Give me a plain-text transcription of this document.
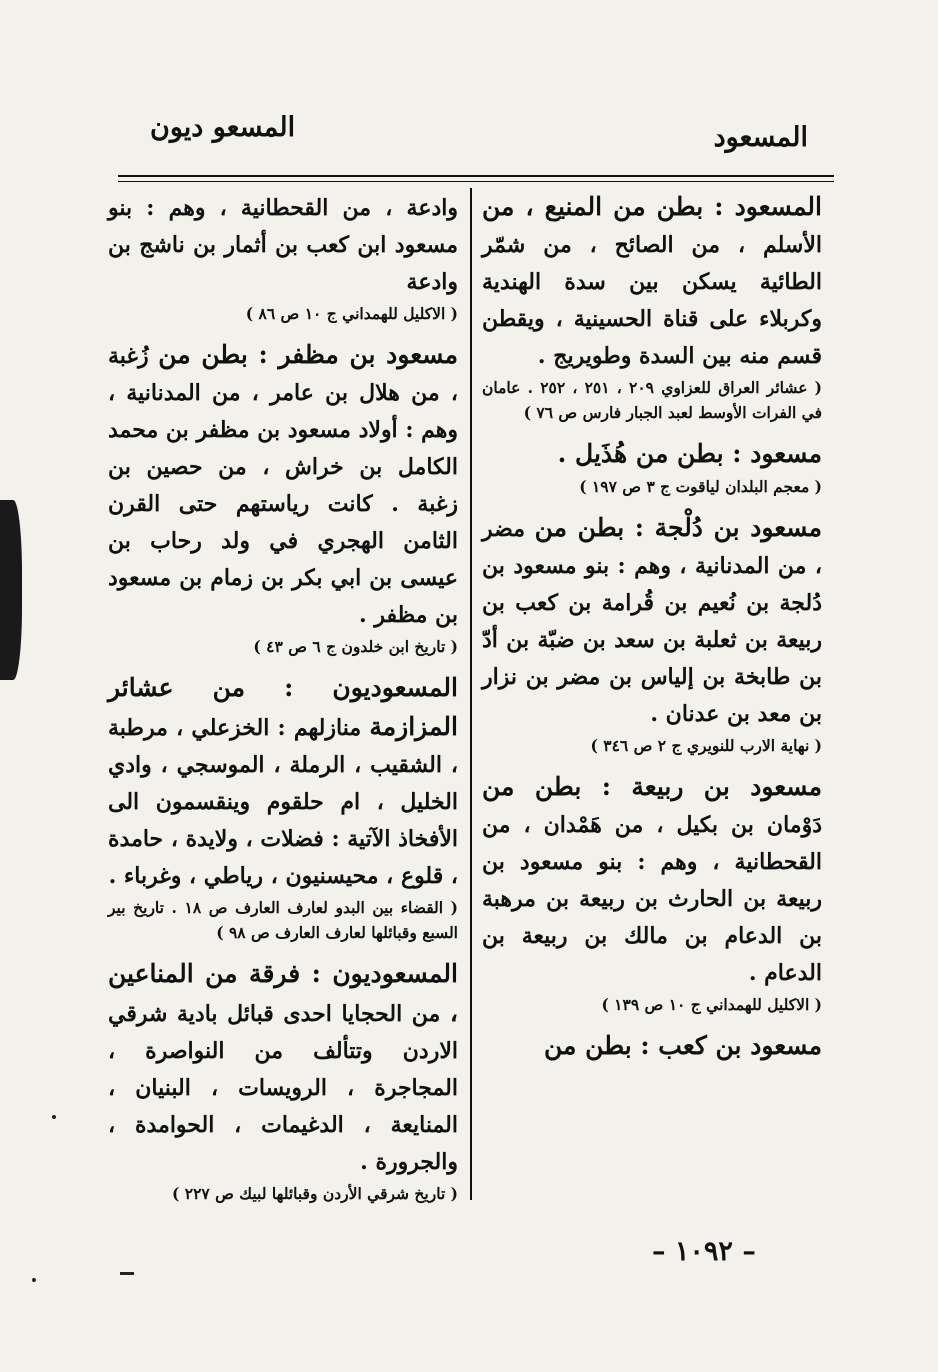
المسعو ديون	المسعود
المسعود : بطن من المنيع ، من الأسلم ، من الصائح ، من شمّر الطائية يسكن بين سدة الهندية وكربلاء على قناة الحسينية ، ويقطن قسم منه بين السدة وطويريج .
( عشائر العراق للعزاوي ٢٠٩ ، ٢٥١ ، ٢٥٢ . عامان في الفرات الأوسط لعبد الجبار فارس ص ٧٦ )
مسعود : بطن من هُذَيل .
( معجم البلدان لياقوت ج ٣ ص ١٩٧ )
مسعود بن دُلْجة : بطن من مضر ، من المدنانية ، وهم : بنو مسعود بن دُلجة بن نُعيم بن قُرامة بن كعب بن ربيعة بن ثعلبة بن سعد بن ضبّة بن أدّ بن طابخة بن إلياس بن مضر بن نزار بن معد بن عدنان .
( نهاية الارب للنويري ج ٢ ص ٣٤٦ )
مسعود بن ربيعة : بطن من دَوْمان بن بكيل ، من هَمْدان ، من القحطانية ، وهم : بنو مسعود بن ربيعة بن الحارث بن ربيعة بن مرهبة بن الدعام بن مالك بن ربيعة بن الدعام .
( الاكليل للهمداني ج ١٠ ص ١٣٩ )
مسعود بن كعب : بطن من
وادعة ، من القحطانية ، وهم : بنو مسعود ابن كعب بن أثمار بن ناشج بن وادعة
( الاكليل للهمداني ج ١٠ ص ٨٦ )
مسعود بن مظفر : بطن من زُغبة ، من هلال بن عامر ، من المدنانية ، وهم : أولاد مسعود بن مظفر بن محمد الكامل بن خراش ، من حصين بن زغبة . كانت رياستهم حتى القرن الثامن الهجري في ولد رحاب بن عيسى بن ابي بكر بن زمام بن مسعود بن مظفر .
( تاريخ ابن خلدون ج ٦ ص ٤٣ )
المسعوديون : من عشائر المزازمة منازلهم : الخزعلي ، مرطبة ، الشقيب ، الرملة ، الموسجي ، وادي الخليل ، ام حلقوم وينقسمون الى الأفخاذ الآتية : فضلات ، ولايدة ، حامدة ، قلوع ، محيسنيون ، رياطي ، وغرباء .
( القضاء بين البدو لعارف العارف ص ١٨ . تاريخ بير السبع وقبائلها لعارف العارف ص ٩٨ )
المسعوديون : فرقة من المناعين ، من الحجايا احدى قبائل بادية شرقي الاردن وتتألف من النواصرة ، المجاجرة ، الرويسات ، البنيان ، المنايعة ، الدغيمات ، الحوامدة ، والجرورة .
( تاريخ شرقي الأردن وقبائلها لبيك ص ٢٢٧ )
– ١٠٩٢ –
